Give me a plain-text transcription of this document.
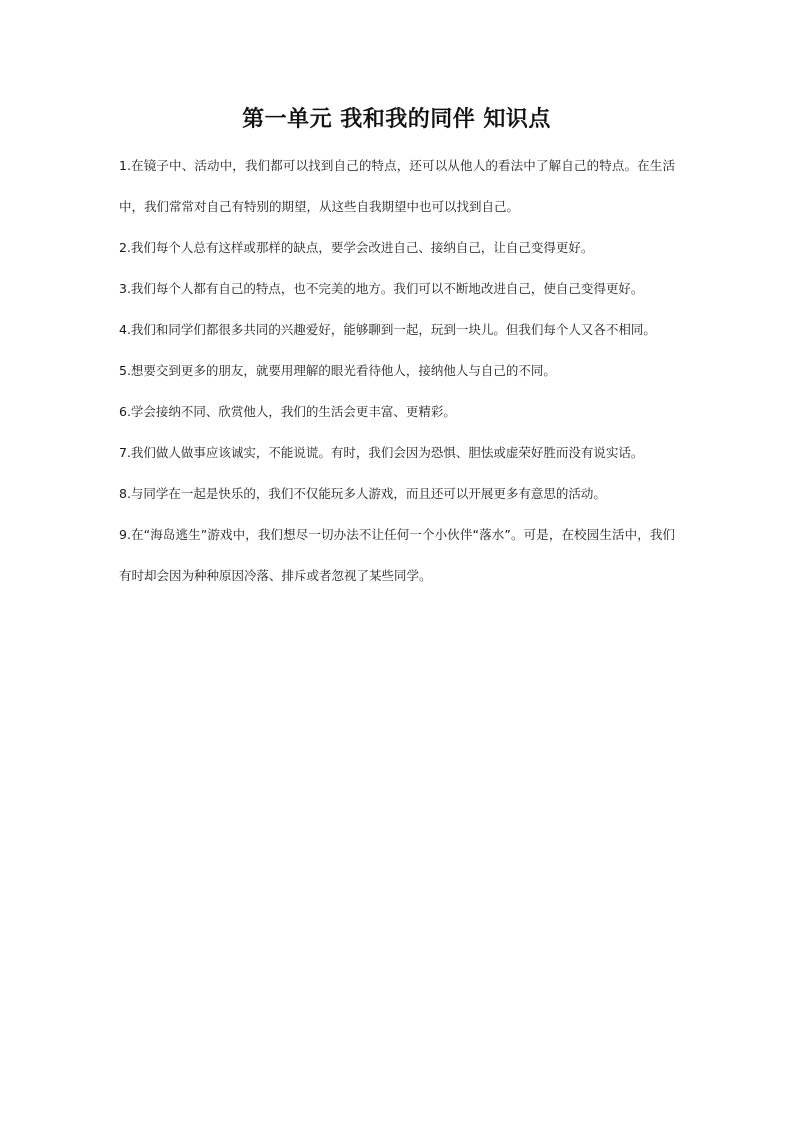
第一单元 我和我的同伴 知识点

1.在镜子中、活动中，我们都可以找到自己的特点，还可以从他人的看法中了解自己的特点。在生活中，我们常常对自己有特别的期望，从这些自我期望中也可以找到自己。

2.我们每个人总有这样或那样的缺点，要学会改进自己、接纳自己，让自己变得更好。

3.我们每个人都有自己的特点，也不完美的地方。我们可以不断地改进自己，使自己变得更好。

4.我们和同学们都很多共同的兴趣爱好，能够聊到一起，玩到一块儿。但我们每个人又各不相同。

5.想要交到更多的朋友，就要用理解的眼光看待他人，接纳他人与自己的不同。

6.学会接纳不同、欣赏他人，我们的生活会更丰富、更精彩。

7.我们做人做事应该诚实，不能说谎。有时，我们会因为恐惧、胆怯或虚荣好胜而没有说实话。

8.与同学在一起是快乐的，我们不仅能玩多人游戏，而且还可以开展更多有意思的活动。

9.在“海岛逃生”游戏中，我们想尽一切办法不让任何一个小伙伴“落水”。可是，在校园生活中，我们有时却会因为种种原因冷落、排斥或者忽视了某些同学。
